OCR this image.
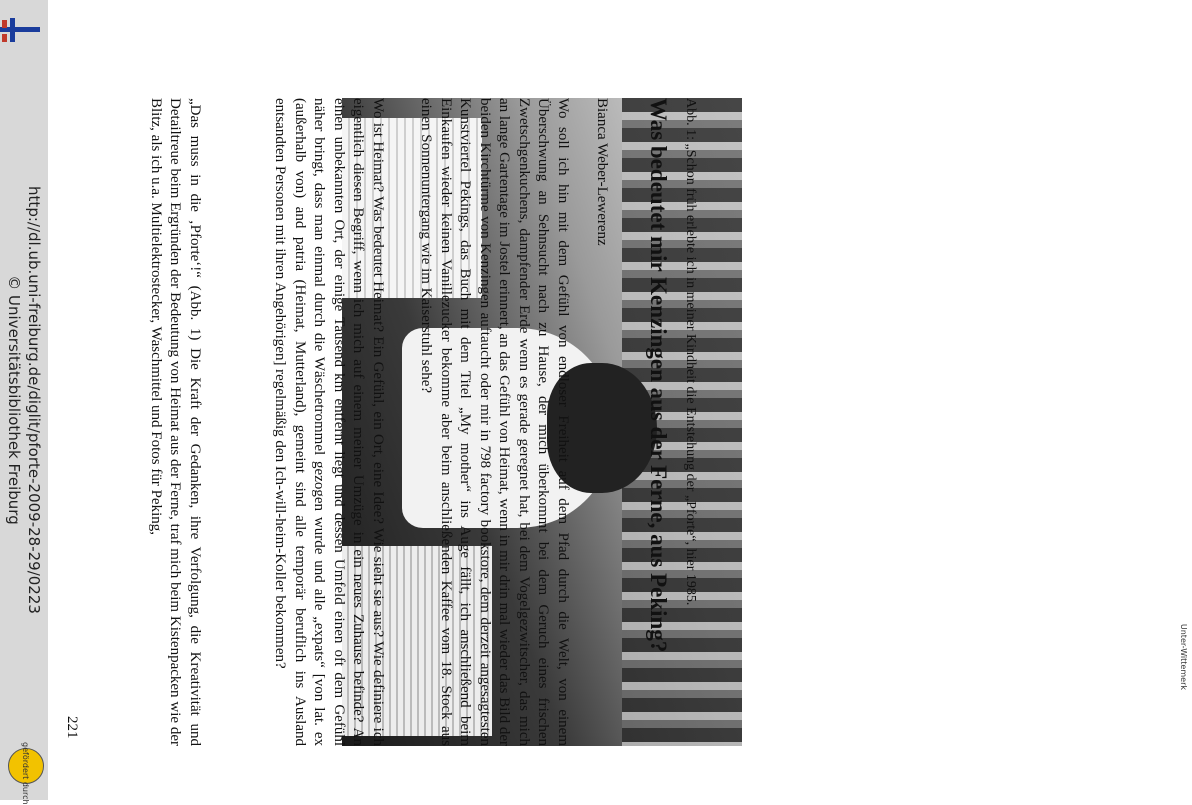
http://dl.ub.uni-freiburg.de/diglit/pforte-2009-28-29/0223
© Universitätsbibliothek Freiburg
gefördert durch
Unter-Wittemerk
Abb. 1: „Schon früh erlebte ich in meiner Kindheit die Entstehung der „Pforte“, hier 1985.
Was bedeutet mir Kenzingen aus der Ferne, aus Peking?
Bianca Weber-Lewerenz

Wo soll ich hin mit dem Gefühl von endloser Freiheit auf dem Pfad durch die Welt, von einem Überschwung an Sehnsucht nach zu Hause, der mich überkommt bei dem Geruch eines frischen Zwetschgenkuchens, dampfender Erde wenn es gerade geregnet hat, bei dem Vogelgezwitscher, das mich an lange Gartentage im Jostel erinnert, an das Gefühl von Heimat, wenn in mir drin mal wieder das Bild der beiden Kirchtürme von Kenzingen auftaucht oder mir in 798 factory bookstore, dem derzeit angesagtesten Kunstviertel Pekings, das Buch mit dem Titel „My mother“ ins Auge fällt, ich anschließend beim Einkaufen wieder keinen Vanillezucker bekomme aber beim anschließenden Kaffee vom 18. Stock aus einen Sonnenuntergang wie im Kaiserstuhl sehe?

Wo ist Heimat? Was bedeutet Heimat? Ein Gefühl, ein Ort, eine Idee? Wie sieht sie aus? Wie definiere ich eigentlich diesen Begriff, wenn ich mich auf einem meiner Umzüge in ein neues Zuhause befinde? An einen unbekannten Ort, der einige Tausend km entfernt liegt und dessen Umfeld einen oft dem Gefühl näher bringt, dass man einmal durch die Wäschetrommel gezogen wurde und alle „expats“ [von lat. ex (außerhalb von) and patria (Heimat, Mutterland), gemeint sind alle temporär beruflich ins Ausland entsandten Personen mit ihren Angehörigen] regelmäßig den Ich-will-heim-Koller bekommen?

„Das muss in die ‚Pforte‘!“ (Abb. 1) Die Kraft der Gedanken, ihre Verfolgung, die Kreativität und Detailtreue beim Ergründen der Bedeutung von Heimat aus der Ferne, traf mich beim Kistenpacken wie der Blitz, als ich u.a. Multielektrostecker, Waschmittel und Fotos für Peking,

221
